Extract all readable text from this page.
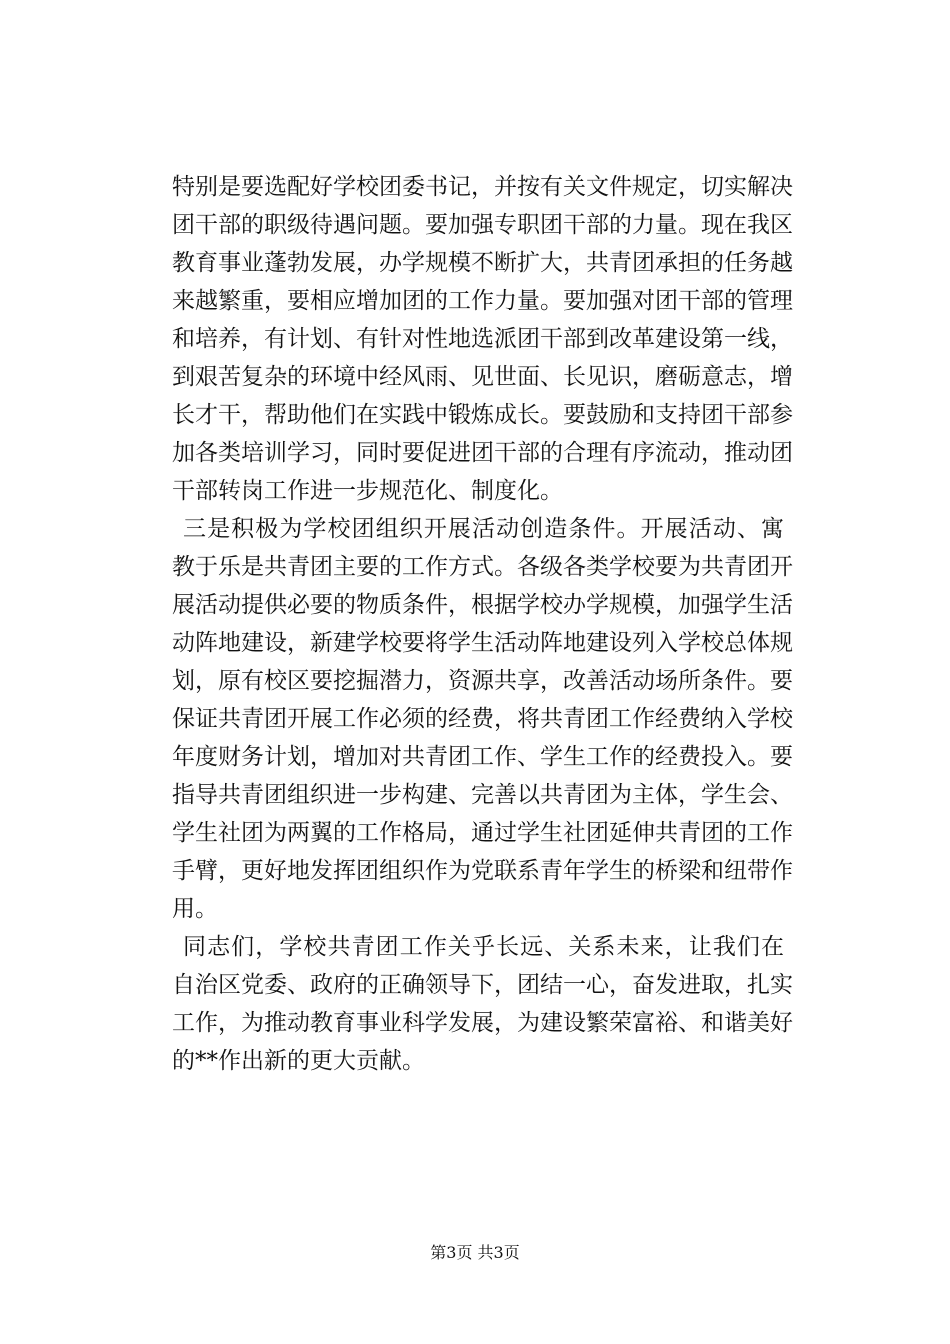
特别是要选配好学校团委书记，并按有关文件规定，切实解决
团干部的职级待遇问题。要加强专职团干部的力量。现在我区
教育事业蓬勃发展，办学规模不断扩大，共青团承担的任务越
来越繁重，要相应增加团的工作力量。要加强对团干部的管理
和培养，有计划、有针对性地选派团干部到改革建设第一线，
到艰苦复杂的环境中经风雨、见世面、长见识，磨砺意志，增
长才干，帮助他们在实践中锻炼成长。要鼓励和支持团干部参
加各类培训学习，同时要促进团干部的合理有序流动，推动团
干部转岗工作进一步规范化、制度化。
三是积极为学校团组织开展活动创造条件。开展活动、寓
教于乐是共青团主要的工作方式。各级各类学校要为共青团开
展活动提供必要的物质条件，根据学校办学规模，加强学生活
动阵地建设，新建学校要将学生活动阵地建设列入学校总体规
划，原有校区要挖掘潜力，资源共享，改善活动场所条件。要
保证共青团开展工作必须的经费，将共青团工作经费纳入学校
年度财务计划，增加对共青团工作、学生工作的经费投入。要
指导共青团组织进一步构建、完善以共青团为主体，学生会、
学生社团为两翼的工作格局，通过学生社团延伸共青团的工作
手臂，更好地发挥团组织作为党联系青年学生的桥梁和纽带作
用。
同志们，学校共青团工作关乎长远、关系未来，让我们在
自治区党委、政府的正确领导下，团结一心，奋发进取，扎实
工作，为推动教育事业科学发展，为建设繁荣富裕、和谐美好
的**作出新的更大贡献。
第3页 共3页
